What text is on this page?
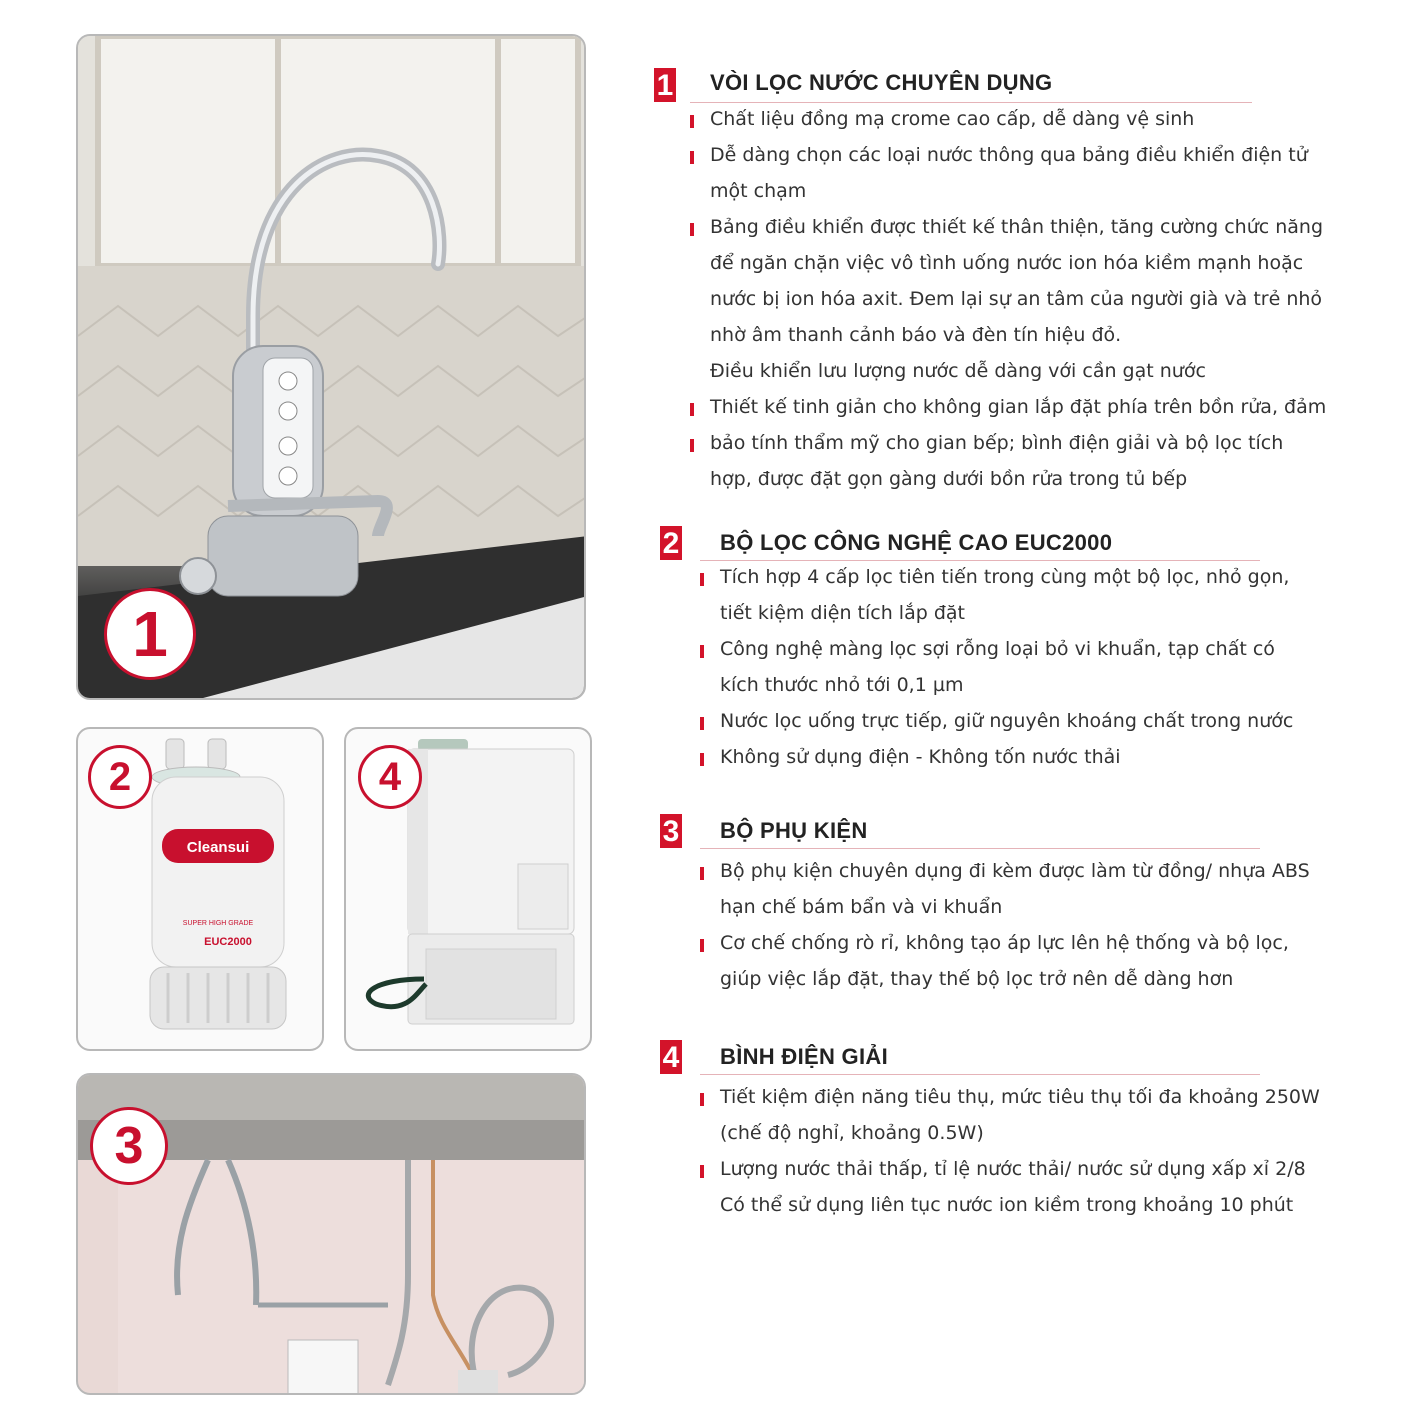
1
Cleansui
SUPER HIGH GRADE
EUC2000
2	4
3
1 VÒI LỌC NƯỚC CHUYÊN DỤNG
Chất liệu đồng mạ crome cao cấp, dễ dàng vệ sinh
Dễ dàng chọn các loại nước thông qua bảng điều khiển điện tử
một chạm
Bảng điều khiển được thiết kế thân thiện, tăng cường chức năng
để ngăn chặn việc vô tình uống nước ion hóa kiềm mạnh hoặc
nước bị ion hóa axit. Đem lại sự an tâm của người già và trẻ nhỏ
nhờ âm thanh cảnh báo và đèn tín hiệu đỏ.
Điều khiển lưu lượng nước dễ dàng với cần gạt nước
Thiết kế tinh giản cho không gian lắp đặt phía trên bồn rửa, đảm
bảo tính thẩm mỹ cho gian bếp; bình điện giải và bộ lọc tích
hợp, được đặt gọn gàng dưới bồn rửa trong tủ bếp
2 BỘ LỌC CÔNG NGHỆ CAO EUC2000
Tích hợp 4 cấp lọc tiên tiến trong cùng một bộ lọc, nhỏ gọn,
tiết kiệm diện tích lắp đặt
Công nghệ màng lọc sợi rỗng loại bỏ vi khuẩn, tạp chất có
kích thước nhỏ tới 0,1 µm
Nước lọc uống trực tiếp, giữ nguyên khoáng chất trong nước
Không sử dụng điện - Không tốn nước thải
3 BỘ PHỤ KIỆN
Bộ phụ kiện chuyên dụng đi kèm được làm từ đồng/ nhựa ABS
hạn chế bám bẩn và vi khuẩn
Cơ chế chống rò rỉ, không tạo áp lực lên hệ thống và bộ lọc,
giúp việc lắp đặt, thay thế bộ lọc trở nên dễ dàng hơn
4 BÌNH ĐIỆN GIẢI
Tiết kiệm điện năng tiêu thụ, mức tiêu thụ tối đa khoảng 250W
(chế độ nghỉ, khoảng 0.5W)
Lượng nước thải thấp, tỉ lệ nước thải/ nước sử dụng xấp xỉ 2/8
Có thể sử dụng liên tục nước ion kiềm trong khoảng 10 phút
